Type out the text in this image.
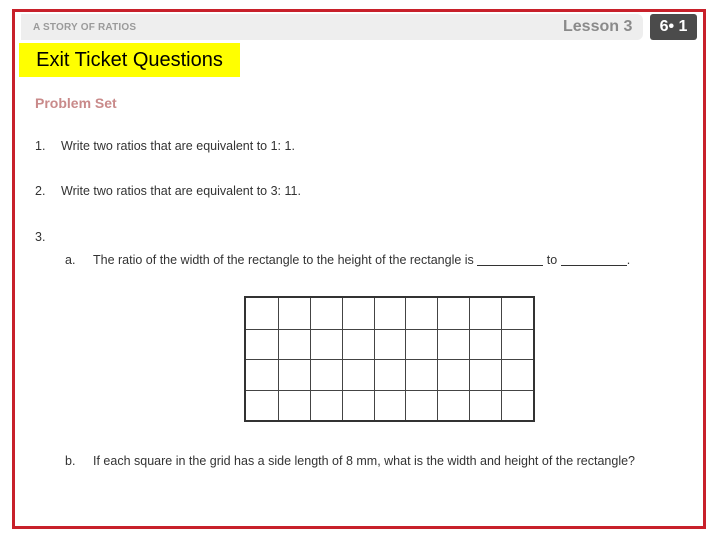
A STORY OF RATIOS	Lesson 3	6• 1
Exit Ticket Questions
Problem Set
1. Write two ratios that are equivalent to 1: 1.
2. Write two ratios that are equivalent to 3: 11.
3.
a. The ratio of the width of the rectangle to the height of the rectangle is	to	.
b. If each square in the grid has a side length of 8 mm, what is the width and height of the rectangle?
